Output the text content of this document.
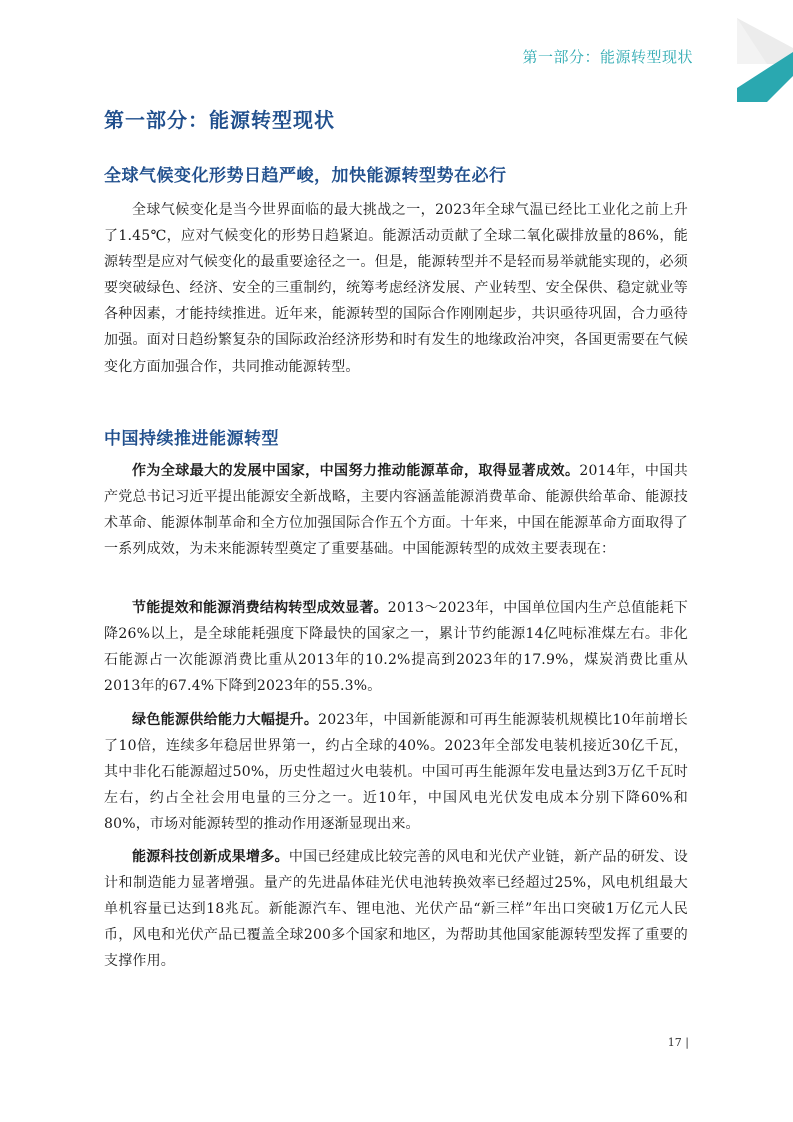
第一部分：能源转型现状
第一部分：能源转型现状
全球气候变化形势日趋严峻，加快能源转型势在必行

全球气候变化是当今世界面临的最大挑战之一，2023年全球气温已经比工业化之前上升了1.45℃，应对气候变化的形势日趋紧迫。能源活动贡献了全球二氧化碳排放量的86%，能源转型是应对气候变化的最重要途径之一。但是，能源转型并不是轻而易举就能实现的，必须要突破绿色、经济、安全的三重制约，统筹考虑经济发展、产业转型、安全保供、稳定就业等各种因素，才能持续推进。近年来，能源转型的国际合作刚刚起步，共识亟待巩固，合力亟待加强。面对日趋纷繁复杂的国际政治经济形势和时有发生的地缘政治冲突，各国更需要在气候变化方面加强合作，共同推动能源转型。

中国持续推进能源转型

作为全球最大的发展中国家，中国努力推动能源革命，取得显著成效。2014年，中国共产党总书记习近平提出能源安全新战略，主要内容涵盖能源消费革命、能源供给革命、能源技术革命、能源体制革命和全方位加强国际合作五个方面。十年来，中国在能源革命方面取得了一系列成效，为未来能源转型奠定了重要基础。中国能源转型的成效主要表现在：

节能提效和能源消费结构转型成效显著。2013～2023年，中国单位国内生产总值能耗下降26%以上，是全球能耗强度下降最快的国家之一，累计节约能源14亿吨标准煤左右。非化石能源占一次能源消费比重从2013年的10.2%提高到2023年的17.9%，煤炭消费比重从2013年的67.4%下降到2023年的55.3%。

绿色能源供给能力大幅提升。2023年，中国新能源和可再生能源装机规模比10年前增长了10倍，连续多年稳居世界第一，约占全球的40%。2023年全部发电装机接近30亿千瓦，其中非化石能源超过50%，历史性超过火电装机。中国可再生能源年发电量达到3万亿千瓦时左右，约占全社会用电量的三分之一。近10年，中国风电光伏发电成本分别下降60%和80%，市场对能源转型的推动作用逐渐显现出来。

能源科技创新成果增多。中国已经建成比较完善的风电和光伏产业链，新产品的研发、设计和制造能力显著增强。量产的先进晶体硅光伏电池转换效率已经超过25%，风电机组最大单机容量已达到18兆瓦。新能源汽车、锂电池、光伏产品“新三样”年出口突破1万亿元人民币，风电和光伏产品已覆盖全球200多个国家和地区，为帮助其他国家能源转型发挥了重要的支撑作用。

17 |
